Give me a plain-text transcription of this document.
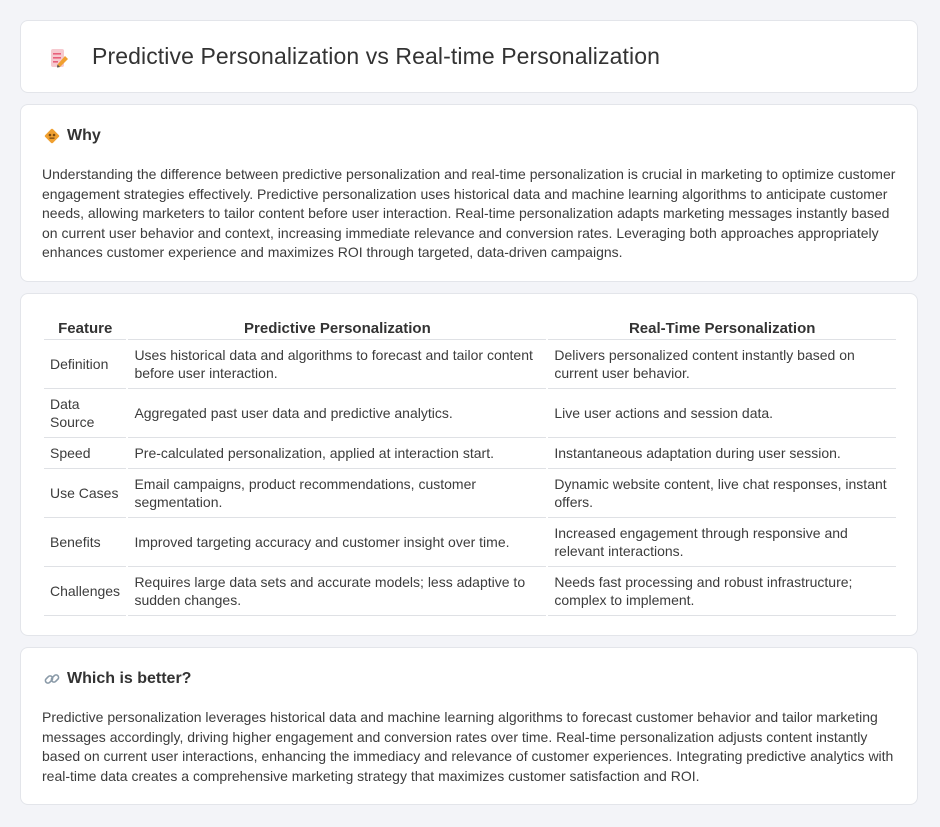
Predictive Personalization vs Real-time Personalization
Why

Understanding the difference between predictive personalization and real-time personalization is crucial in marketing to optimize customer engagement strategies effectively. Predictive personalization uses historical data and machine learning algorithms to anticipate customer needs, allowing marketers to tailor content before user interaction. Real-time personalization adapts marketing messages instantly based on current user behavior and context, increasing immediate relevance and conversion rates. Leveraging both approaches appropriately enhances customer experience and maximizes ROI through targeted, data-driven campaigns.

Feature	Predictive Personalization	Real-Time Personalization
Definition	Uses historical data and algorithms to forecast and tailor content before user interaction.	Delivers personalized content instantly based on current user behavior.
Data Source	Aggregated past user data and predictive analytics.	Live user actions and session data.
Speed	Pre-calculated personalization, applied at interaction start.	Instantaneous adaptation during user session.
Use Cases	Email campaigns, product recommendations, customer segmentation.	Dynamic website content, live chat responses, instant offers.
Benefits	Improved targeting accuracy and customer insight over time.	Increased engagement through responsive and relevant interactions.
Challenges	Requires large data sets and accurate models; less adaptive to sudden changes.	Needs fast processing and robust infrastructure; complex to implement.
Which is better?

Predictive personalization leverages historical data and machine learning algorithms to forecast customer behavior and tailor marketing messages accordingly, driving higher engagement and conversion rates over time. Real-time personalization adjusts content instantly based on current user interactions, enhancing the immediacy and relevance of customer experiences. Integrating predictive analytics with real-time data creates a comprehensive marketing strategy that maximizes customer satisfaction and ROI.
